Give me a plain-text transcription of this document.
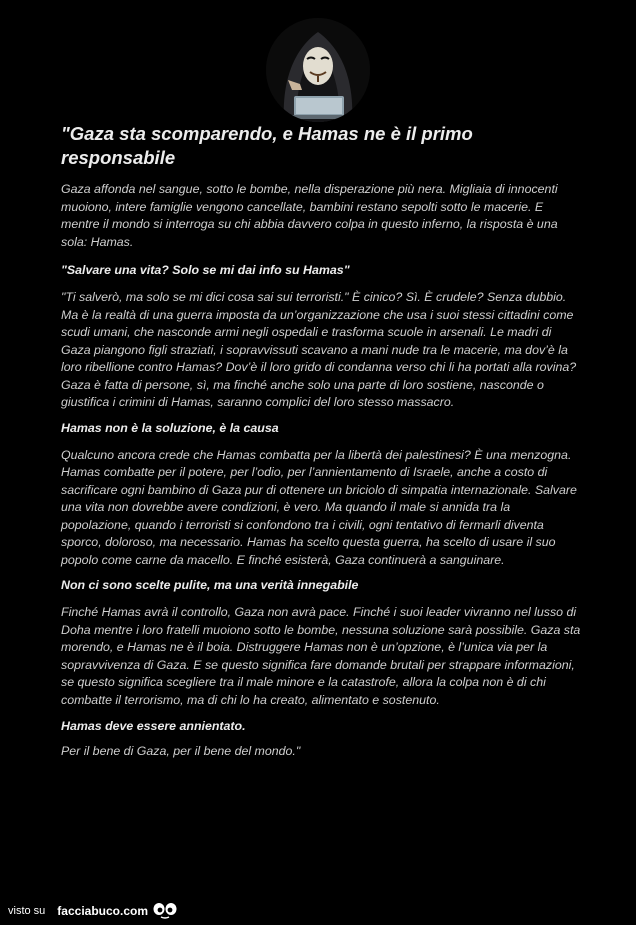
"Gaza sta scomparendo, e Hamas ne è il primo responsabile

Gaza affonda nel sangue, sotto le bombe, nella disperazione più nera. Migliaia di innocenti muoiono, intere famiglie vengono cancellate, bambini restano sepolti sotto le macerie. E mentre il mondo si interroga su chi abbia davvero colpa in questo inferno, la risposta è una sola: Hamas.

"Salvare una vita? Solo se mi dai info su Hamas"

"Ti salverò, ma solo se mi dici cosa sai sui terroristi." È cinico? Sì. È crudele? Senza dubbio. Ma è la realtà di una guerra imposta da un’organizzazione che usa i suoi stessi cittadini come scudi umani, che nasconde armi negli ospedali e trasforma scuole in arsenali. Le madri di Gaza piangono figli straziati, i sopravvissuti scavano a mani nude tra le macerie, ma dov’è la loro ribellione contro Hamas? Dov’è il loro grido di condanna verso chi li ha portati alla rovina? Gaza è fatta di persone, sì, ma finché anche solo una parte di loro sostiene, nasconde o giustifica i crimini di Hamas, saranno complici del loro stesso massacro.

Hamas non è la soluzione, è la causa

Qualcuno ancora crede che Hamas combatta per la libertà dei palestinesi? È una menzogna. Hamas combatte per il potere, per l’odio, per l’annientamento di Israele, anche a costo di sacrificare ogni bambino di Gaza pur di ottenere un briciolo di simpatia internazionale. Salvare una vita non dovrebbe avere condizioni, è vero. Ma quando il male si annida tra la popolazione, quando i terroristi si confondono tra i civili, ogni tentativo di fermarli diventa sporco, doloroso, ma necessario. Hamas ha scelto questa guerra, ha scelto di usare il suo popolo come carne da macello. E finché esisterà, Gaza continuerà a sanguinare.

Non ci sono scelte pulite, ma una verità innegabile

Finché Hamas avrà il controllo, Gaza non avrà pace. Finché i suoi leader vivranno nel lusso di Doha mentre i loro fratelli muoiono sotto le bombe, nessuna soluzione sarà possibile. Gaza sta morendo, e Hamas ne è il boia. Distruggere Hamas non è un’opzione, è l’unica via per la sopravvivenza di Gaza. E se questo significa fare domande brutali per strappare informazioni, se questo significa scegliere tra il male minore e la catastrofe, allora la colpa non è di chi combatte il terrorismo, ma di chi lo ha creato, alimentato e sostenuto.

Hamas deve essere annientato.

Per il bene di Gaza, per il bene del mondo."

visto su facciabuco.com
